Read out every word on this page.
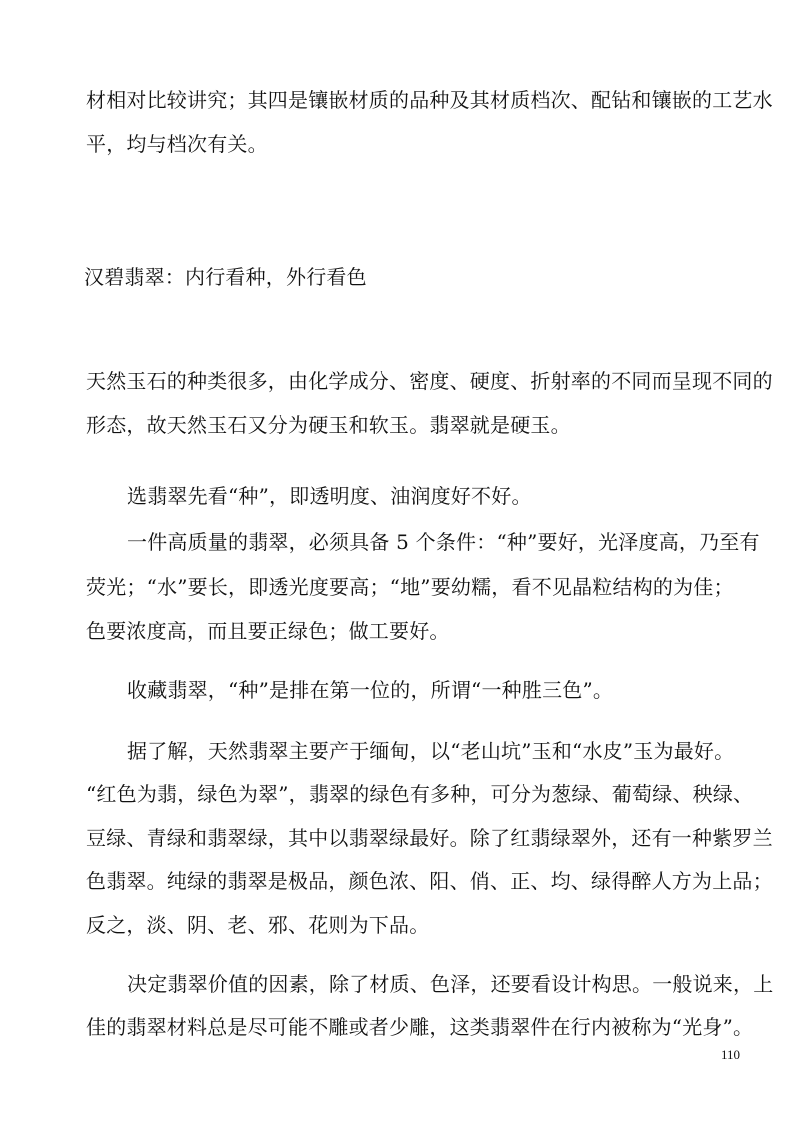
材相对比较讲究；其四是镶嵌材质的品种及其材质档次、配钻和镶嵌的工艺水
平，均与档次有关。
汉碧翡翠：内行看种，外行看色
天然玉石的种类很多，由化学成分、密度、硬度、折射率的不同而呈现不同的
形态，故天然玉石又分为硬玉和软玉。翡翠就是硬玉。
选翡翠先看“种”，即透明度、油润度好不好。
一件高质量的翡翠，必须具备 5 个条件：“种”要好，光泽度高，乃至有
荧光；“水”要长，即透光度要高；“地”要幼糯，看不见晶粒结构的为佳；
色要浓度高，而且要正绿色；做工要好。
收藏翡翠，“种”是排在第一位的，所谓“一种胜三色”。
据了解，天然翡翠主要产于缅甸，以“老山坑”玉和“水皮”玉为最好。
“红色为翡，绿色为翠”，翡翠的绿色有多种，可分为葱绿、葡萄绿、秧绿、
豆绿、青绿和翡翠绿，其中以翡翠绿最好。除了红翡绿翠外，还有一种紫罗兰
色翡翠。纯绿的翡翠是极品，颜色浓、阳、俏、正、均、绿得醉人方为上品；
反之，淡、阴、老、邪、花则为下品。
决定翡翠价值的因素，除了材质、色泽，还要看设计构思。一般说来，上
佳的翡翠材料总是尽可能不雕或者少雕，这类翡翠件在行内被称为“光身”。
110
